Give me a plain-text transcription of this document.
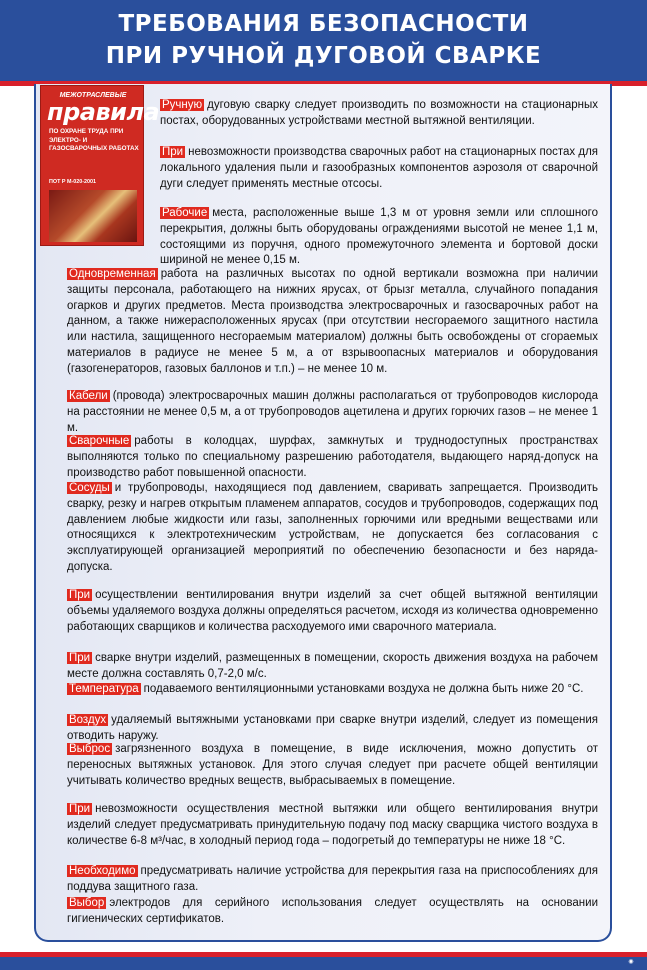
ТРЕБОВАНИЯ БЕЗОПАСНОСТИ
ПРИ РУЧНОЙ ДУГОВОЙ СВАРКЕ
МЕЖОТРАСЛЕВЫЕ
правила
ПО ОХРАНЕ ТРУДА ПРИ ЭЛЕКТРО- И ГАЗОСВАРОЧНЫХ РАБОТАХ
ПОТ Р М-020-2001

Ручную дуговую сварку следует производить по возможности на стационарных постах, оборудованных устройствами местной вытяжной вентиляции.

При невозможности производства сварочных работ на стационарных постах для локального удаления пыли и газообразных компонентов аэрозоля от сварочной дуги следует применять местные отсосы.

Рабочие места, расположенные выше 1,3 м от уровня земли или сплошного перекрытия, должны быть оборудованы ограждениями высотой не менее 1,1 м, состоящими из поручня, одного промежуточного элемента и бортовой доски шириной не менее 0,15 м.

Одновременная работа на различных высотах по одной вертикали возможна при наличии защиты персонала, работающего на нижних ярусах, от брызг металла, случайного попадания огарков и других предметов. Места производства электросварочных и газосварочных работ на данном, а также нижерасположенных ярусах (при отсутствии несгораемого защитного настила или настила, защищенного несгораемым материалом) должны быть освобождены от сгораемых материалов в радиусе не менее 5 м, а от взрывоопасных материалов и оборудования (газогенераторов, газовых баллонов и т.п.) – не менее 10 м.

Кабели (провода) электросварочных машин должны располагаться от трубопроводов кислорода на расстоянии не менее 0,5 м, а от трубопроводов ацетилена и других горючих газов – не менее 1 м.

Сварочные работы в колодцах, шурфах, замкнутых и труднодоступных пространствах выполняются только по специальному разрешению работодателя, выдающего наряд-допуск на производство работ повышенной опасности.

Сосуды и трубопроводы, находящиеся под давлением, сваривать запрещается. Производить сварку, резку и нагрев открытым пламенем аппаратов, сосудов и трубопроводов, содержащих под давлением любые жидкости или газы, заполненных горючими или вредными веществами или относящихся к электротехническим устройствам, не допускается без согласования с эксплуатирующей организацией мероприятий по обеспечению безопасности и без наряда-допуска.

При осуществлении вентилирования внутри изделий за счет общей вытяжной вентиляции объемы удаляемого воздуха должны определяться расчетом, исходя из количества одновременно работающих сварщиков и количества расходуемого ими сварочного материала.

При сварке внутри изделий, размещенных в помещении, скорость движения воздуха на рабочем месте должна составлять 0,7-2,0 м/с.

Температура подаваемого вентиляционными установками воздуха не должна быть ниже 20 °С.

Воздух удаляемый вытяжными установками при сварке внутри изделий, следует из помещения отводить наружу.

Выброс загрязненного воздуха в помещение, в виде исключения, можно допустить от переносных вытяжных установок. Для этого случая следует при расчете общей вентиляции учитывать количество вредных веществ, выбрасываемых в помещение.

При невозможности осуществления местной вытяжки или общего вентилирования внутри изделий следует предусматривать принудительную подачу под маску сварщика чистого воздуха в количестве 6-8 м³/час, в холодный период года – подогретый до температуры не ниже 18 °С.

Необходимо предусматривать наличие устройства для перекрытия газа на приспособлениях для поддува защитного газа.

Выбор электродов для серийного использования следует осуществлять на основании гигиенических сертификатов.

◉
